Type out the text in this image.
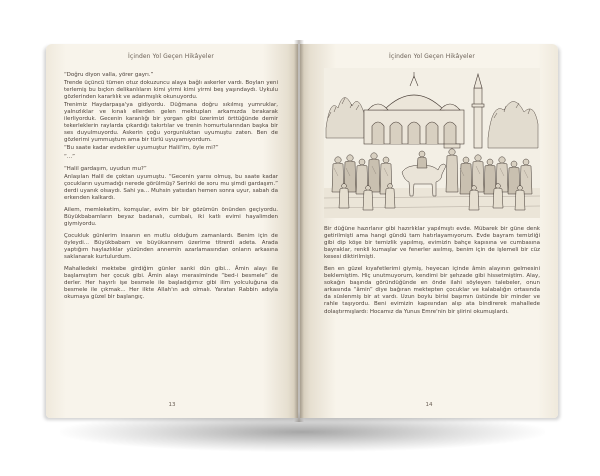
İçinden Yol Geçen Hikâyeler

“Doğru diyon valla, yörer gayrı.”

Trende üçüncü tümen otuz dokuzuncu alaya bağlı askerler vardı. Boyları yeni terlemiş bu bıçkın delikanlıların kimi yirmi kimi yirmi beş yaşındaydı. Uykulu gözlerinden kararlılık ve adanmışlık okunuyordu.

Trenimiz Haydarpaşa'ya gidiyordu. Düğmana doğru sıkılmış yumruklar, yalnızlıklar ve kınalı ellerden gelen mektupları arkamızda bırakarak ilerliyorduk. Gecenin karanlığı bir yorgan gibi üzerimizi örttüğünde demir tekerleklerin raylarda çıkardığı takırtılar ve trenin homurtularından başka bir ses duyulmuyordu. Askerin çoğu yorgunluktan uyumuştu zaten. Ben de gözlerimi yummuştum ama bir türlü uyuyamıyordum.

“Bu saate kadar evdekiler uyumuştur Halil'im, öyle mi?”

“...”

“Halil gardaşım, uyudun mu?”

Anlaşılan Halil de çoktan uyumuştu. “Gecenin yarısı olmuş, bu saate kadar çocukların uyumadığı nerede görülmüş? Serinki de soru mu şimdi gardaşım.” derdi uyanık olsaydı. Sahi ya... Muhsin yatsıdan hemen sonra uyur, sabah da erkenden kalkardı.

Ailem, memleketim, komşular, evim bir bir gözümün önünden geçiyordu. Büyükbabamların beyaz badanalı, cumbalı, iki katlı evimi hayalimden giymiyordu.

Çocukluk günlerim insanın en mutlu olduğum zamanlardı. Benim için de öyleydi... Büyükbabam ve büyükannem üzerime titrerdi adeta. Arada yaptığım haylazlıklar yüzünden annemin azarlamasından onların arkasına saklanarak kurtulurdum.

Mahalledeki mektebe girdiğim günler sanki dün gibi... Âmin alayı ile başlamıştım her çocuk gibi. Âmin alayı merasiminde “bed-i besmele” de derler. Her hayırlı işe besmele ile başladığımız gibi ilim yolculuğuna da besmele ile çıkmak... Her ilkte Allah'ın adı olmalı. Yaratan Rabbin adıyla okumaya güzel bir başlangıç.

13
İçinden Yol Geçen Hikâyeler

Bir düğüne hazırlanır gibi hazırlıklar yapılmıştı evde. Mübarek bir güne denk getirilmişti ama hangi gündü tam hatırlayamıyorum. Evde bayram temizliği gibi dip köşe bir temizlik yapılmış, evimizin bahçe kapısına ve cumbasına bayraklar, renkli kumaşlar ve fenerler asılmış, benim için de işlemeli bir cüz kesesi diktirilmişti.

Ben en güzel kıyafetlerimi giymiş, heyecan içinde âmin alayının gelmesini beklemiştim. Hiç unutmuyorum, kendimi bir şehzade gibi hissetmiştim. Alay, sokağın başında göründüğünde en önde ilahi söyleyen talebeler, onun arkasında “âmin” diye bağıran mektepten çocuklar ve kalabalığın ortasında da süslenmiş bir at vardı. Uzun boylu birisi başımın üstünde bir minder ve rahle taşıyordu. Beni evimizin kapısından alıp ata bindirerek mahallede dolaştırmışlardı: Hocamız da Yunus Emre'nin bir şiirini okumuşlardı.

14
